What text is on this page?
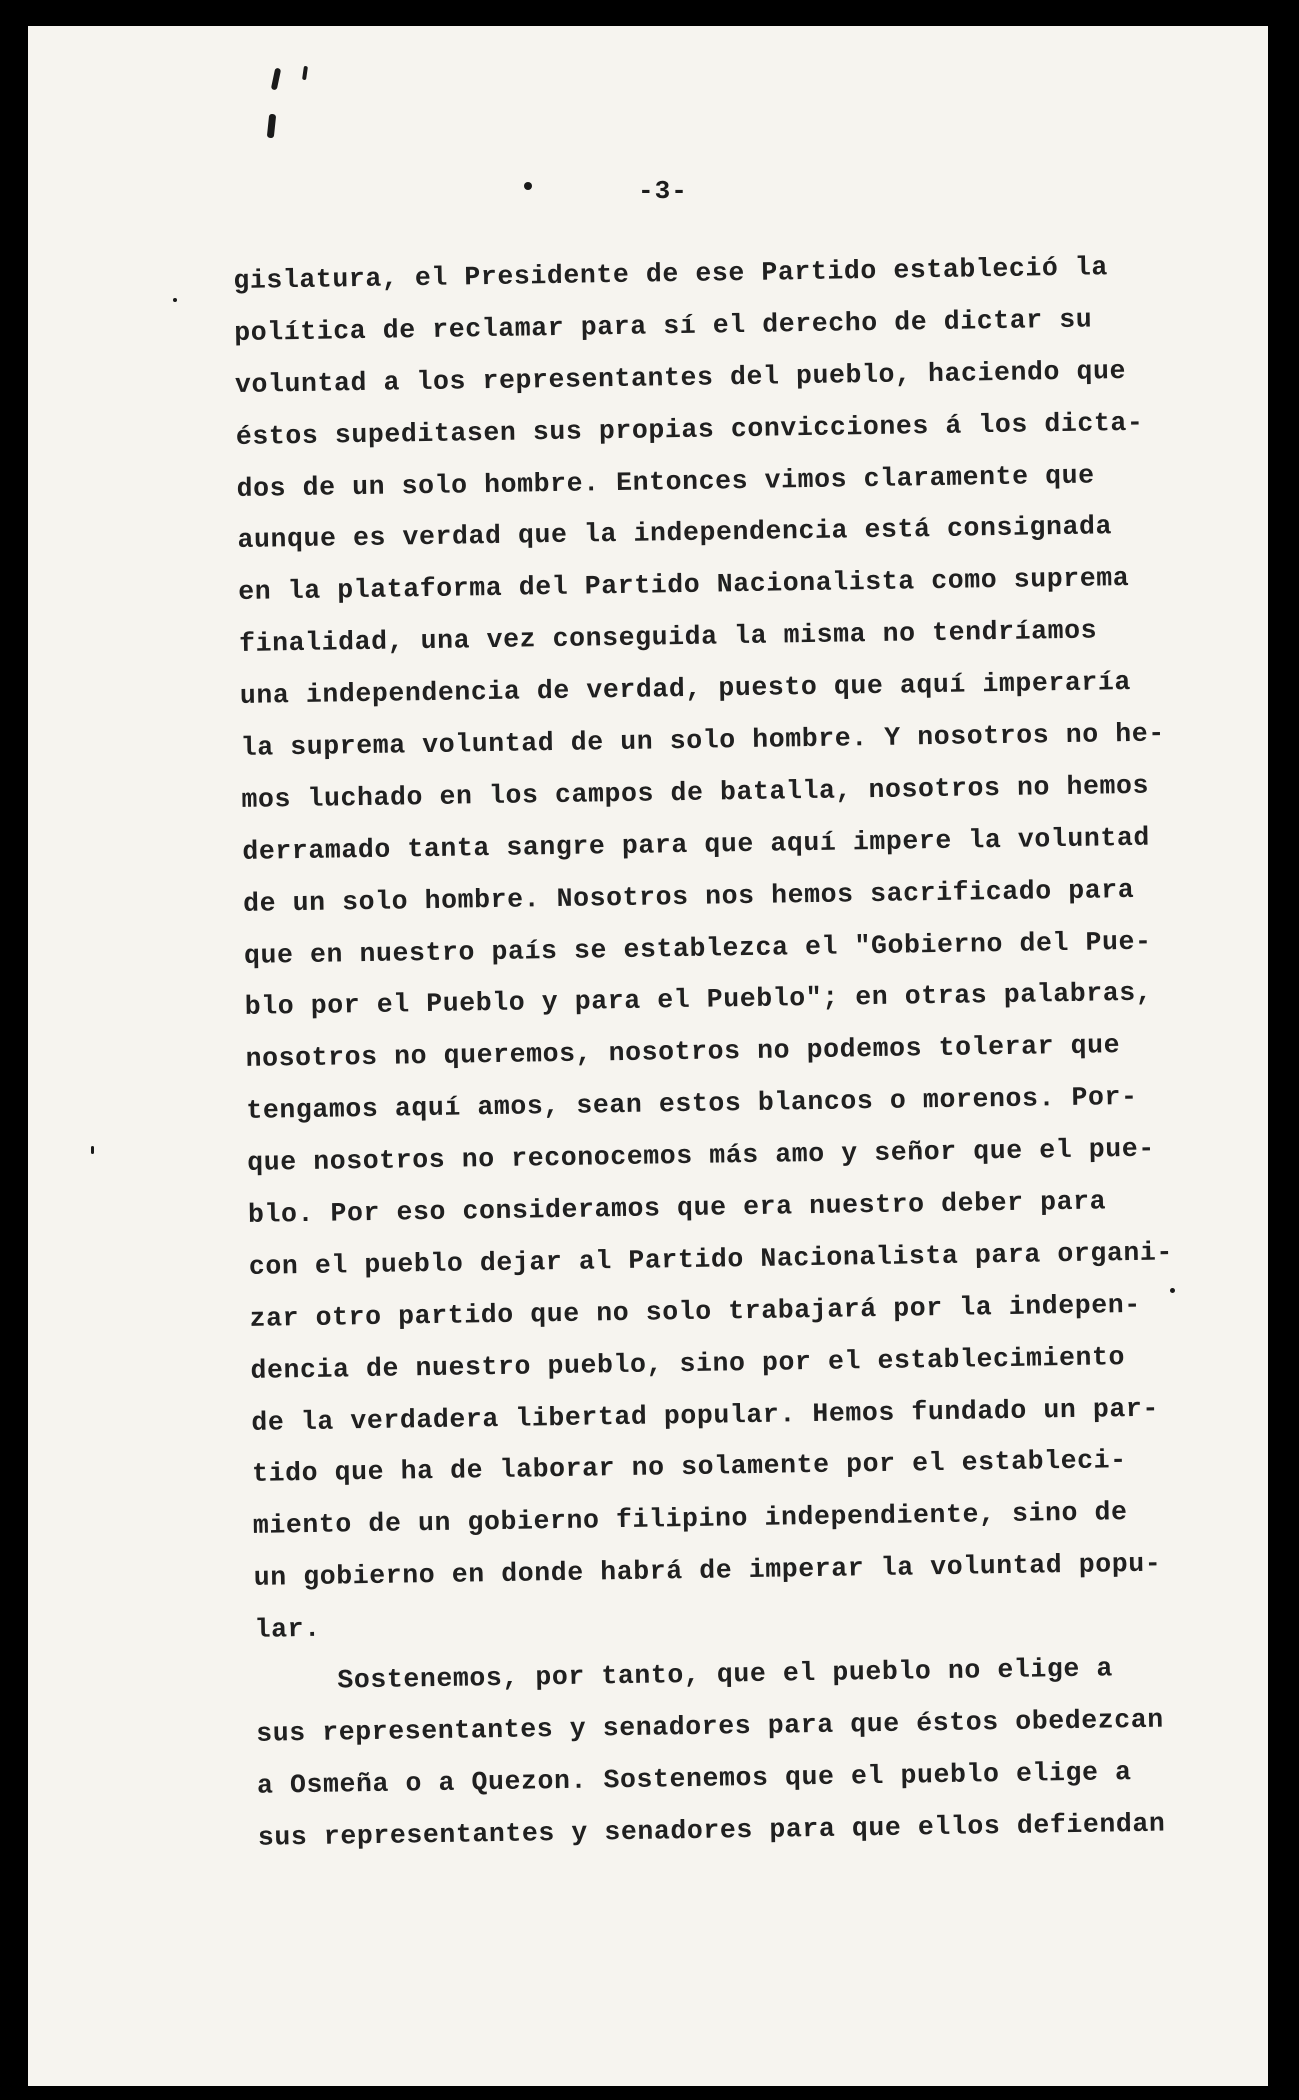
-3-
gislatura, el Presidente de ese Partido estableció la
política de reclamar para sí el derecho de dictar su
voluntad a los representantes del pueblo, haciendo que
éstos supeditasen sus propias convicciones á los dicta-
dos de un solo hombre. Entonces vimos claramente que
aunque es verdad que la independencia está consignada
en la plataforma del Partido Nacionalista como suprema
finalidad, una vez conseguida la misma no tendríamos
una independencia de verdad, puesto que aquí imperaría
la suprema voluntad de un solo hombre. Y nosotros no he-
mos luchado en los campos de batalla, nosotros no hemos
derramado tanta sangre para que aquí impere la voluntad
de un solo hombre. Nosotros nos hemos sacrificado para
que en nuestro país se establezca el "Gobierno del Pue-
blo por el Pueblo y para el Pueblo"; en otras palabras,
nosotros no queremos, nosotros no podemos tolerar que
tengamos aquí amos, sean estos blancos o morenos. Por-
que nosotros no reconocemos más amo y señor que el pue-
blo. Por eso consideramos que era nuestro deber para
con el pueblo dejar al Partido Nacionalista para organi-
zar otro partido que no solo trabajará por la indepen-
dencia de nuestro pueblo, sino por el establecimiento
de la verdadera libertad popular. Hemos fundado un par-
tido que ha de laborar no solamente por el estableci-
miento de un gobierno filipino independiente, sino de
un gobierno en donde habrá de imperar la voluntad popu-
lar.
Sostenemos, por tanto, que el pueblo no elige a
sus representantes y senadores para que éstos obedezcan
a Osmeña o a Quezon. Sostenemos que el pueblo elige a
sus representantes y senadores para que ellos defiendan
